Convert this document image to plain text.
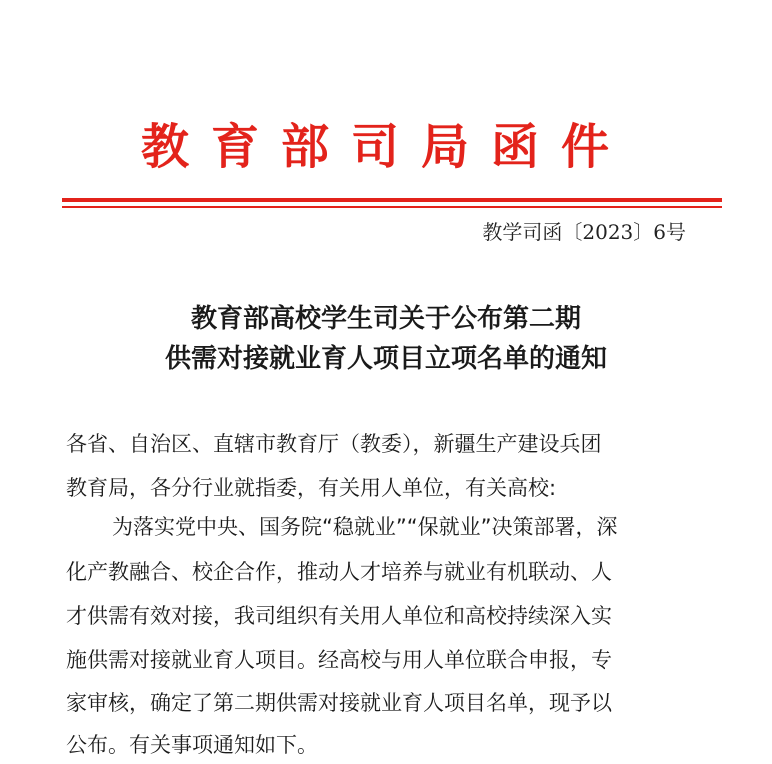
教育部司局函件
教学司函〔2023〕6号
教育部高校学生司关于公布第二期
供需对接就业育人项目立项名单的通知
各省、自治区、直辖市教育厅（教委），新疆生产建设兵团
教育局，各分行业就指委，有关用人单位，有关高校:
为落实党中央、国务院“稳就业”“保就业”决策部署，深
化产教融合、校企合作，推动人才培养与就业有机联动、人
才供需有效对接，我司组织有关用人单位和高校持续深入实
施供需对接就业育人项目。经高校与用人单位联合申报，专
家审核，确定了第二期供需对接就业育人项目名单，现予以
公布。有关事项通知如下。
